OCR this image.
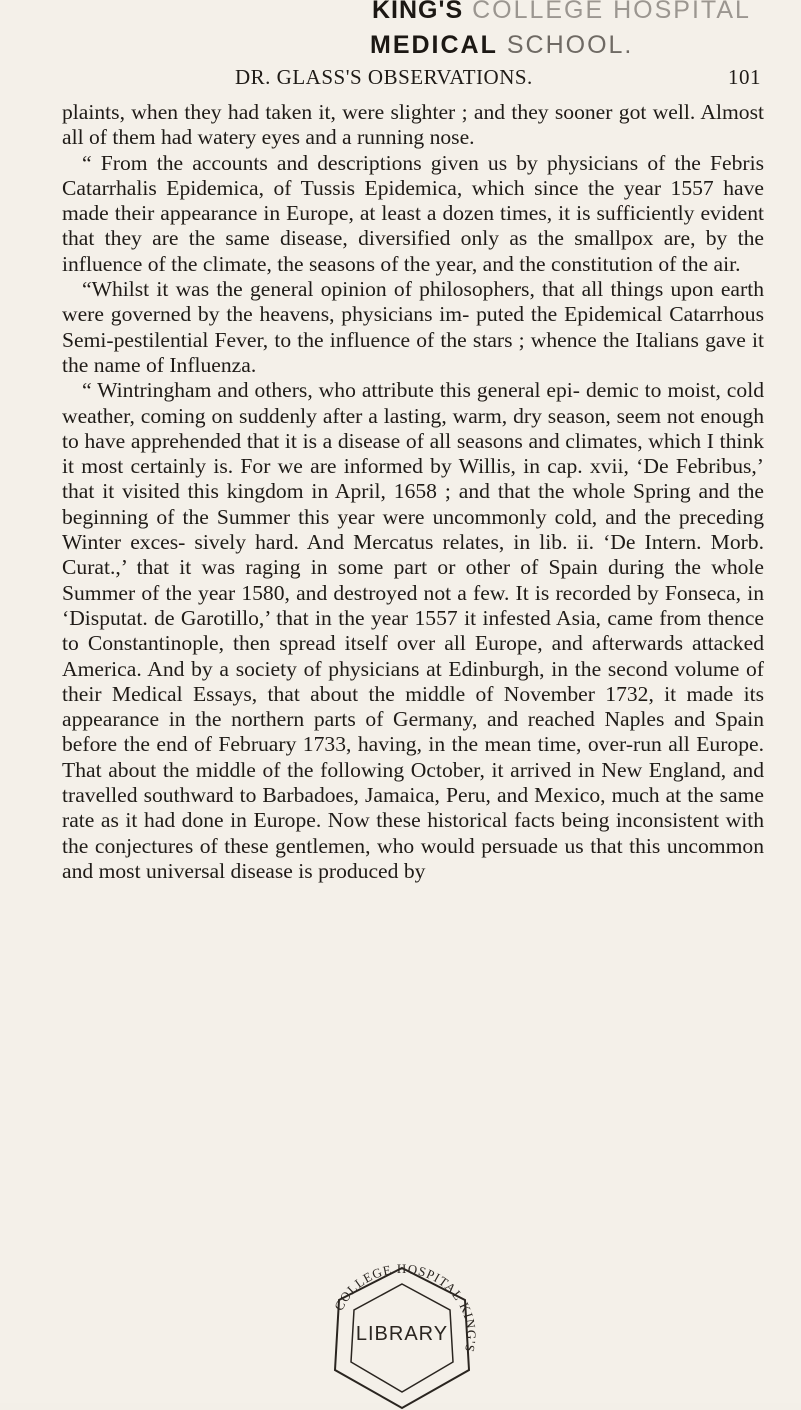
KING'S COLLEGE HOSPITAL
MEDICAL SCHOOL.
DR. GLASS'S OBSERVATIONS.	101

plaints, when they had taken it, were slighter ; and they sooner got well. Almost all of them had watery eyes and a running nose.

“ From the accounts and descriptions given us by physicians of the Febris Catarrhalis Epidemica, of Tussis Epidemica, which since the year 1557 have made their appearance in Europe, at least a dozen times, it is sufficiently evident that they are the same disease, diversified only as the smallpox are, by the influence of the climate, the seasons of the year, and the constitution of the air.

“Whilst it was the general opinion of philosophers, that all things upon earth were governed by the heavens, physicians im- puted the Epidemical Catarrhous Semi-pestilential Fever, to the influence of the stars ; whence the Italians gave it the name of Influenza.

“ Wintringham and others, who attribute this general epi- demic to moist, cold weather, coming on suddenly after a lasting, warm, dry season, seem not enough to have apprehended that it is a disease of all seasons and climates, which I think it most certainly is. For we are informed by Willis, in cap. xvii, ‘De Febribus,’ that it visited this kingdom in April, 1658 ; and that the whole Spring and the beginning of the Summer this year were uncommonly cold, and the preceding Winter exces- sively hard. And Mercatus relates, in lib. ii. ‘De Intern. Morb. Curat.,’ that it was raging in some part or other of Spain during the whole Summer of the year 1580, and destroyed not a few. It is recorded by Fonseca, in ‘Disputat. de Garotillo,’ that in the year 1557 it infested Asia, came from thence to Constantinople, then spread itself over all Europe, and afterwards attacked America. And by a society of physicians at Edinburgh, in the second volume of their Medical Essays, that about the middle of November 1732, it made its appearance in the northern parts of Germany, and reached Naples and Spain before the end of February 1733, having, in the mean time, over-run all Europe. That about the middle of the following October, it arrived in New England, and travelled southward to Barbadoes, Jamaica, Peru, and Mexico, much at the same rate as it had done in Europe. Now these historical facts being inconsistent with the conjectures of these gentlemen, who would persuade us that this uncommon and most universal disease is produced by

COLLEGE HOSPITAL KING'S
LIBRARY
